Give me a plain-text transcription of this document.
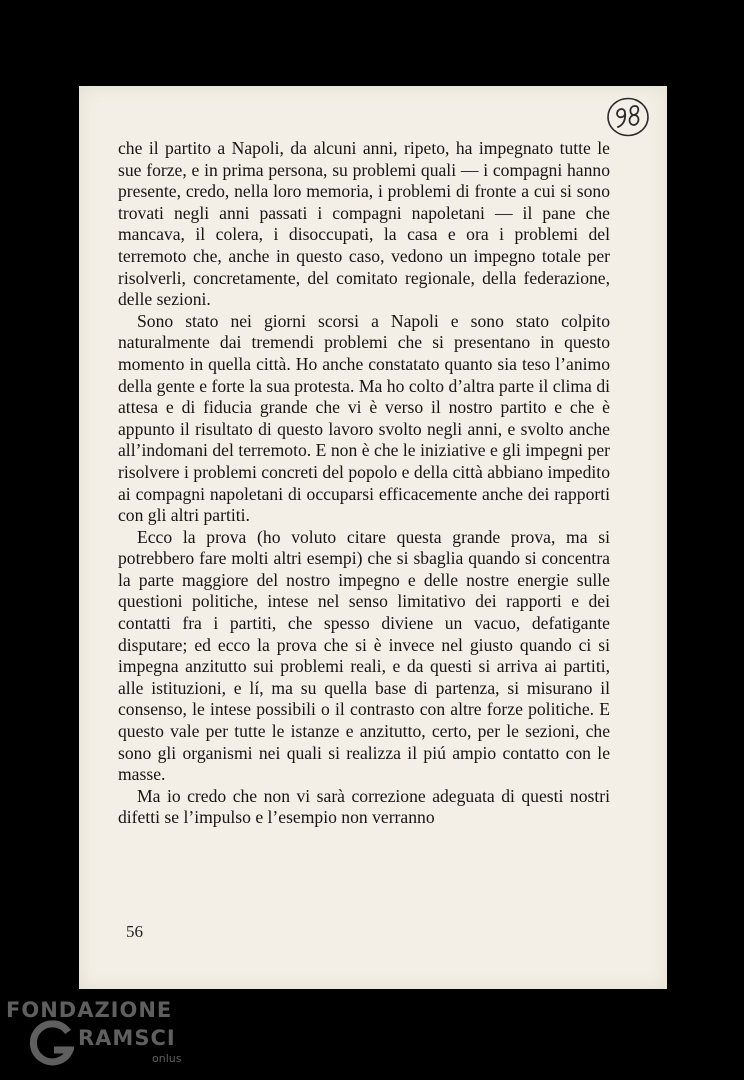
che il partito a Napoli, da alcuni anni, ripeto, ha impegnato tutte le sue forze, e in prima persona, su problemi quali — i compagni hanno presente, credo, nella loro memoria, i problemi di fronte a cui si sono trovati negli anni passati i compagni napoletani — il pane che mancava, il colera, i disoccupati, la casa e ora i problemi del terremoto che, anche in questo caso, vedono un impegno totale per risolverli, concretamente, del comitato regionale, della federazione, delle sezioni.

Sono stato nei giorni scorsi a Napoli e sono stato colpito naturalmente dai tremendi problemi che si presentano in questo momento in quella città. Ho anche constatato quanto sia teso l’animo della gente e forte la sua protesta. Ma ho colto d’altra parte il clima di attesa e di fiducia grande che vi è verso il nostro partito e che è appunto il risultato di questo lavoro svolto negli anni, e svolto anche all’indomani del terremoto. E non è che le iniziative e gli impegni per risolvere i problemi concreti del popolo e della città abbiano impedito ai compagni napoletani di occuparsi efficacemente anche dei rapporti con gli altri partiti.

Ecco la prova (ho voluto citare questa grande prova, ma si potrebbero fare molti altri esempi) che si sbaglia quando si concentra la parte maggiore del nostro impegno e delle nostre energie sulle questioni politiche, intese nel senso limitativo dei rapporti e dei contatti fra i partiti, che spesso diviene un vacuo, defatigante disputare; ed ecco la prova che si è invece nel giusto quando ci si impegna anzitutto sui problemi reali, e da questi si arriva ai partiti, alle istituzioni, e lí, ma su quella base di partenza, si misurano il consenso, le intese possibili o il contrasto con altre forze politiche. E questo vale per tutte le istanze e anzitutto, certo, per le sezioni, che sono gli organismi nei quali si realizza il piú ampio contatto con le masse.

Ma io credo che non vi sarà correzione adeguata di questi nostri difetti se l’impulso e l’esempio non verranno

56
FONDAZIONE
RAMSCI
onlus
